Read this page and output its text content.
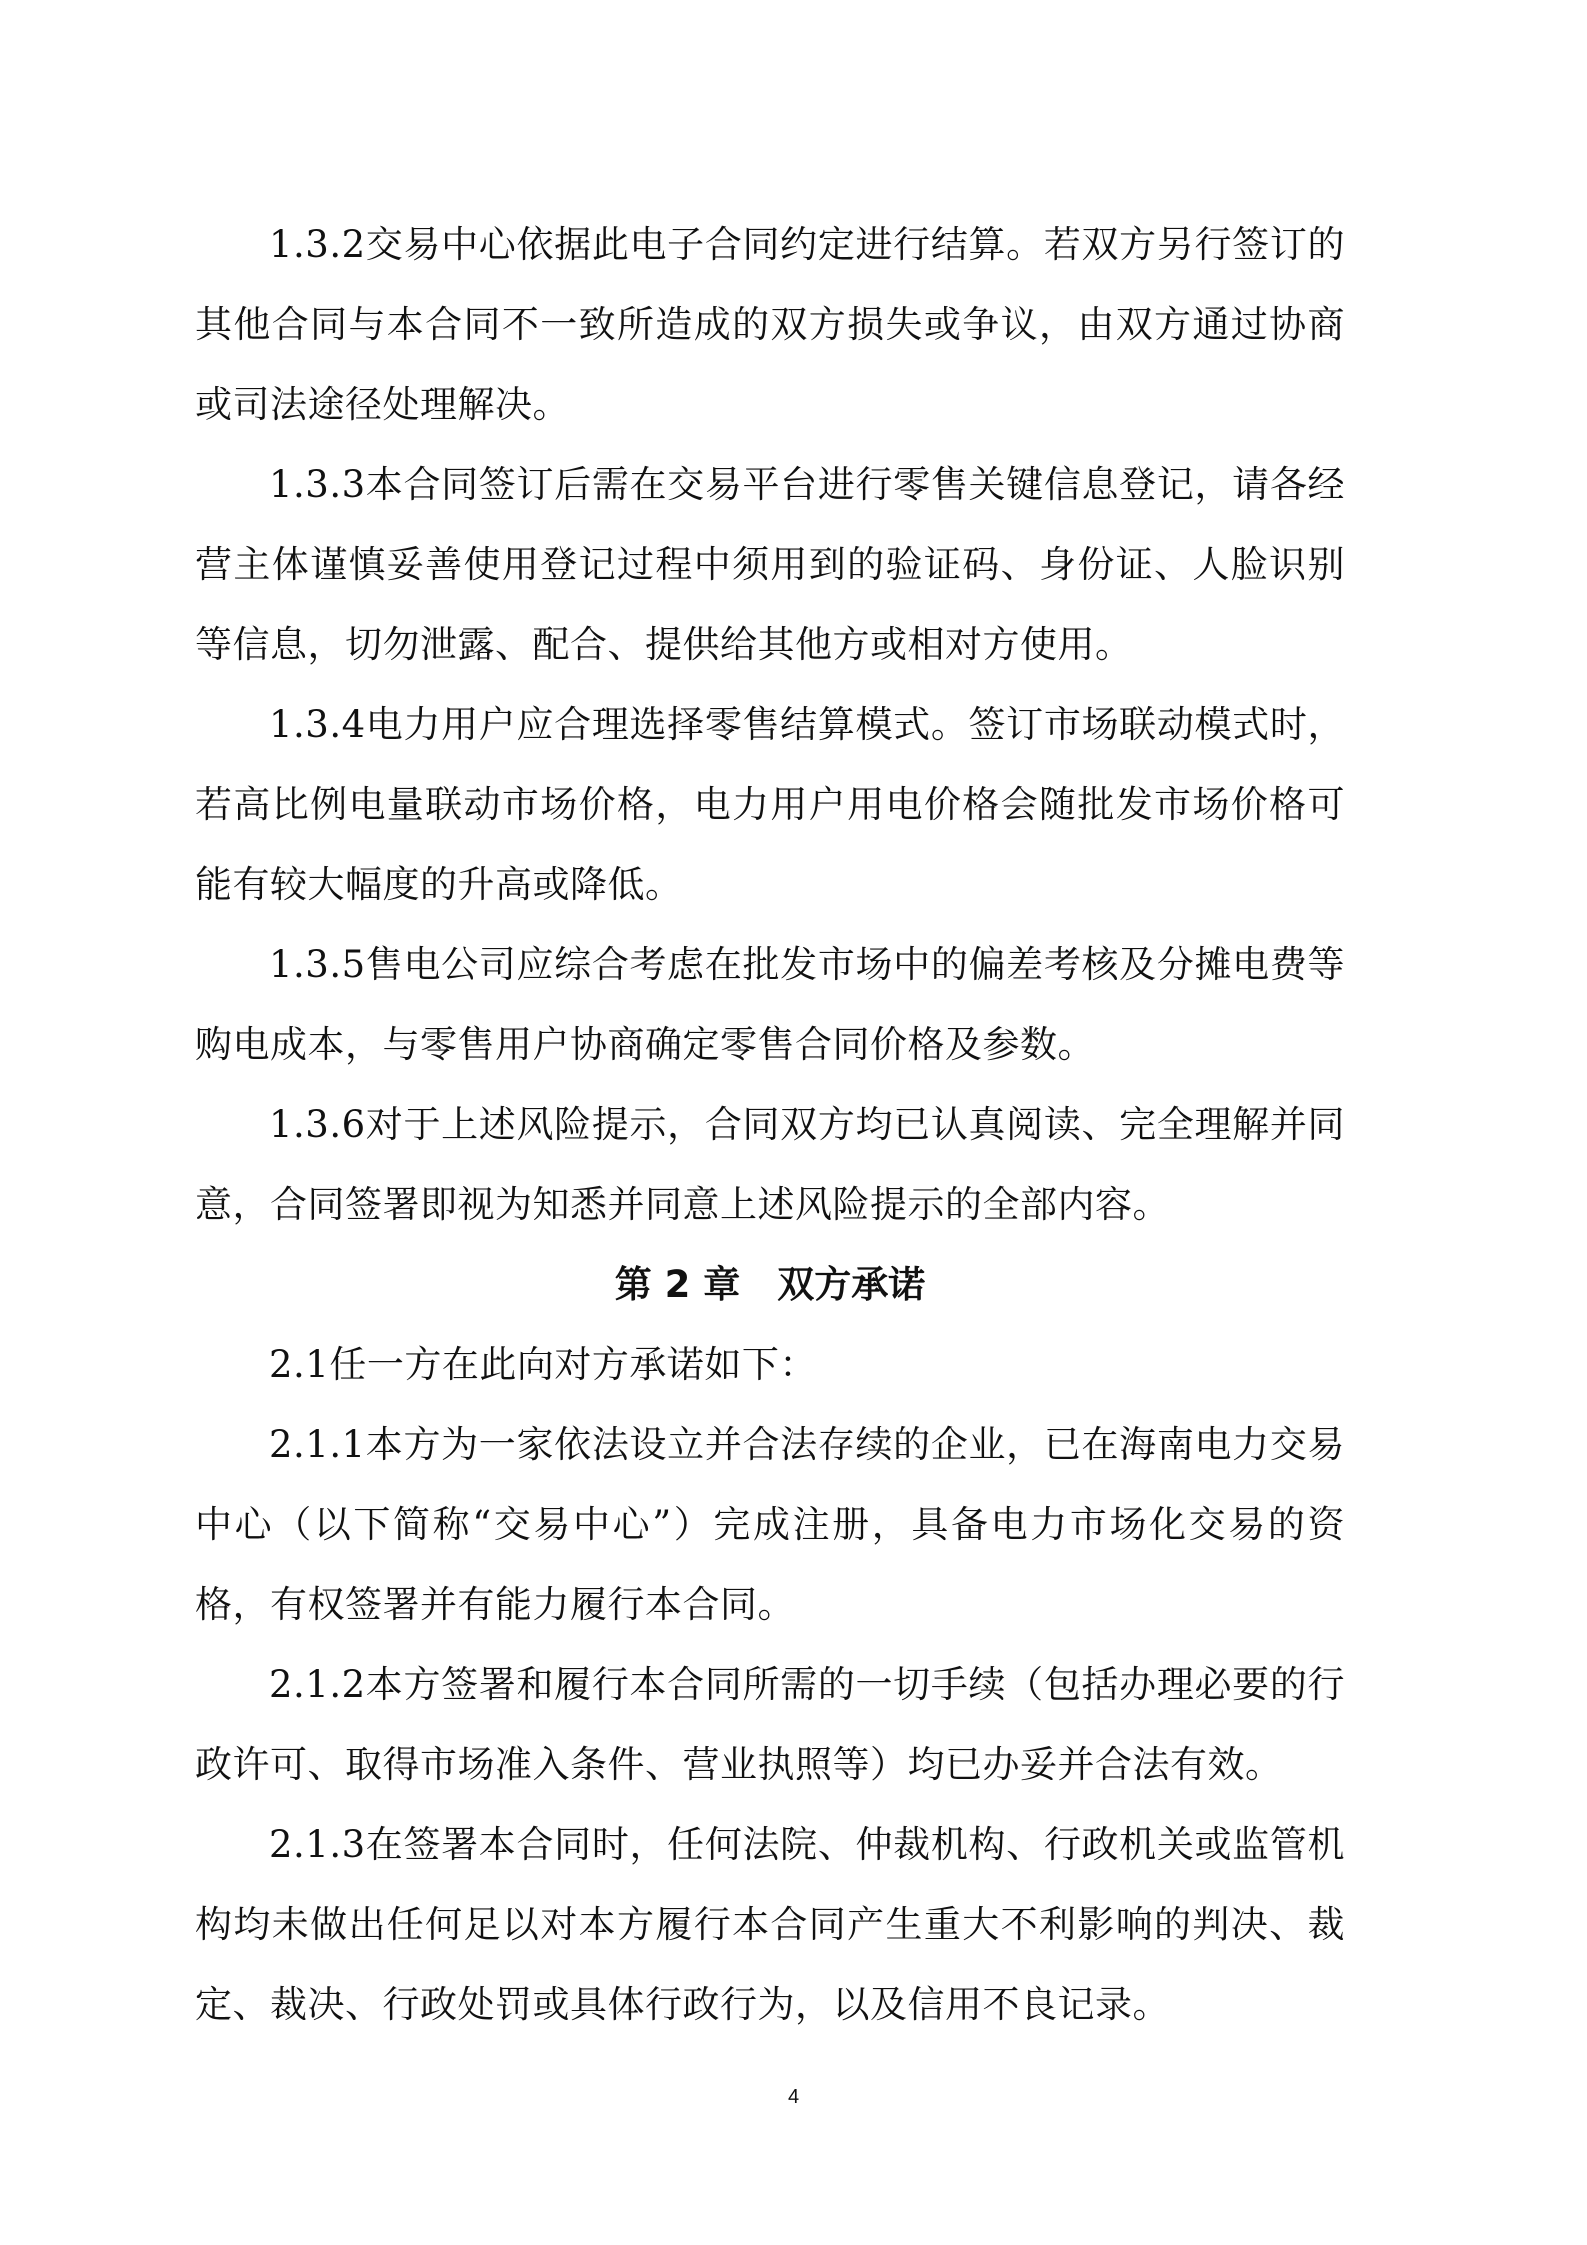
1.3.2交易中心依据此电子合同约定进行结算。若双方另行签订的其他合同与本合同不一致所造成的双方损失或争议，由双方通过协商或司法途径处理解决。

1.3.3本合同签订后需在交易平台进行零售关键信息登记，请各经营主体谨慎妥善使用登记过程中须用到的验证码、身份证、人脸识别等信息，切勿泄露、配合、提供给其他方或相对方使用。

1.3.4电力用户应合理选择零售结算模式。签订市场联动模式时，若高比例电量联动市场价格，电力用户用电价格会随批发市场价格可能有较大幅度的升高或降低。

1.3.5售电公司应综合考虑在批发市场中的偏差考核及分摊电费等购电成本，与零售用户协商确定零售合同价格及参数。

1.3.6对于上述风险提示，合同双方均已认真阅读、完全理解并同意，合同签署即视为知悉并同意上述风险提示的全部内容。

第 2 章　双方承诺

2.1任一方在此向对方承诺如下：

2.1.1本方为一家依法设立并合法存续的企业，已在海南电力交易中心（以下简称“交易中心”）完成注册，具备电力市场化交易的资格，有权签署并有能力履行本合同。

2.1.2本方签署和履行本合同所需的一切手续（包括办理必要的行政许可、取得市场准入条件、营业执照等）均已办妥并合法有效。

2.1.3在签署本合同时，任何法院、仲裁机构、行政机关或监管机构均未做出任何足以对本方履行本合同产生重大不利影响的判决、裁定、裁决、行政处罚或具体行政行为，以及信用不良记录。

4
